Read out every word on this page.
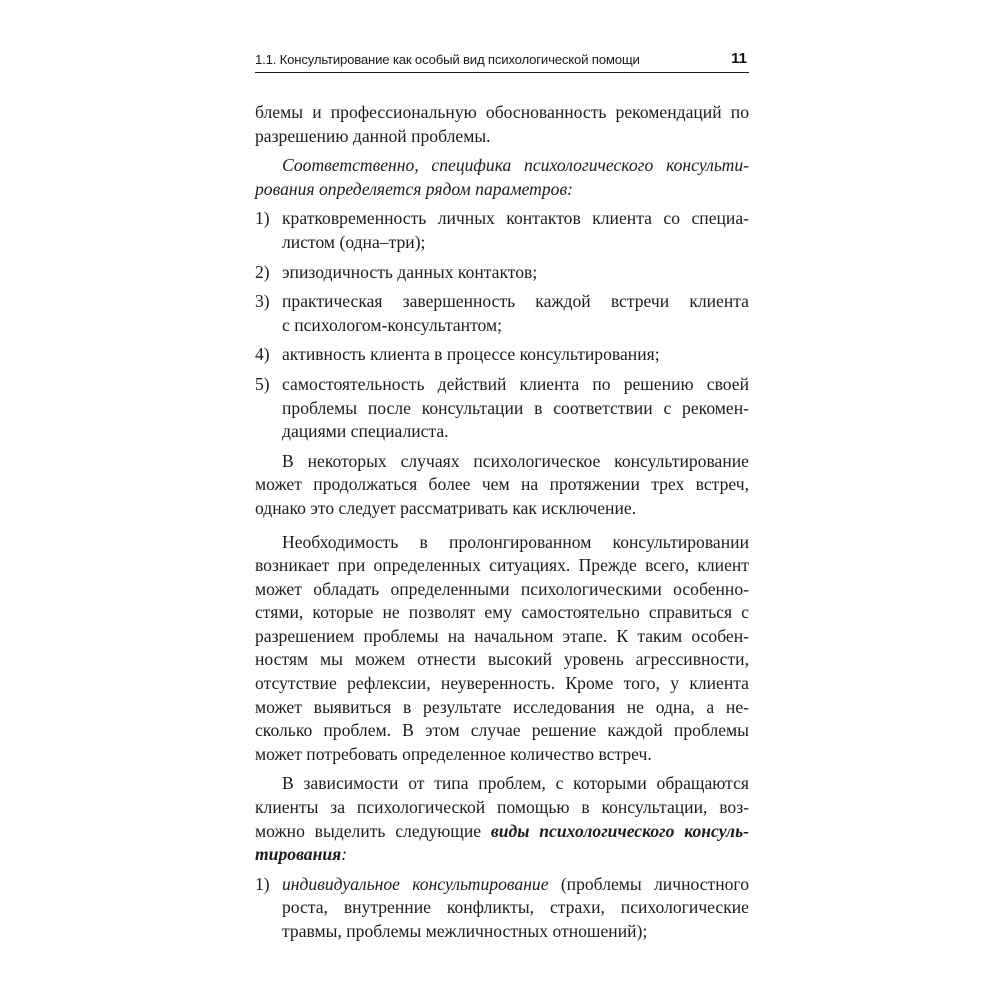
1.1. Консультирование как особый вид психологической помощи	11

блемы и профессиональную обоснованность рекомендаций по
разрешению данной проблемы.

Соответственно, специфика психологического консульти-
рования определяется рядом параметров:

1) кратковременность личных контактов клиента со специа-
листом (одна–три);
2) эпизодичность данных контактов;
3) практическая завершенность каждой встречи клиента
с психологом-консультантом;
4) активность клиента в процессе консультирования;
5) самостоятельность действий клиента по решению своей
проблемы после консультации в соответствии с рекомен-
дациями специалиста.

В некоторых случаях психологическое консультирование
может продолжаться более чем на протяжении трех встреч,
однако это следует рассматривать как исключение.

Необходимость в пролонгированном консультировании
возникает при определенных ситуациях. Прежде всего, клиент
может обладать определенными психологическими особенно-
стями, которые не позволят ему самостоятельно справиться с
разрешением проблемы на начальном этапе. К таким особен-
ностям мы можем отнести высокий уровень агрессивности,
отсутствие рефлексии, неуверенность. Кроме того, у клиента
может выявиться в результате исследования не одна, а не-
сколько проблем. В этом случае решение каждой проблемы
может потребовать определенное количество встреч.

В зависимости от типа проблем, с которыми обращаются
клиенты за психологической помощью в консультации, воз-
можно выделить следующие виды психологического консуль-
тирования:

1) индивидуальное консультирование (проблемы личностного
роста, внутренние конфликты, страхи, психологические
травмы, проблемы межличностных отношений);
